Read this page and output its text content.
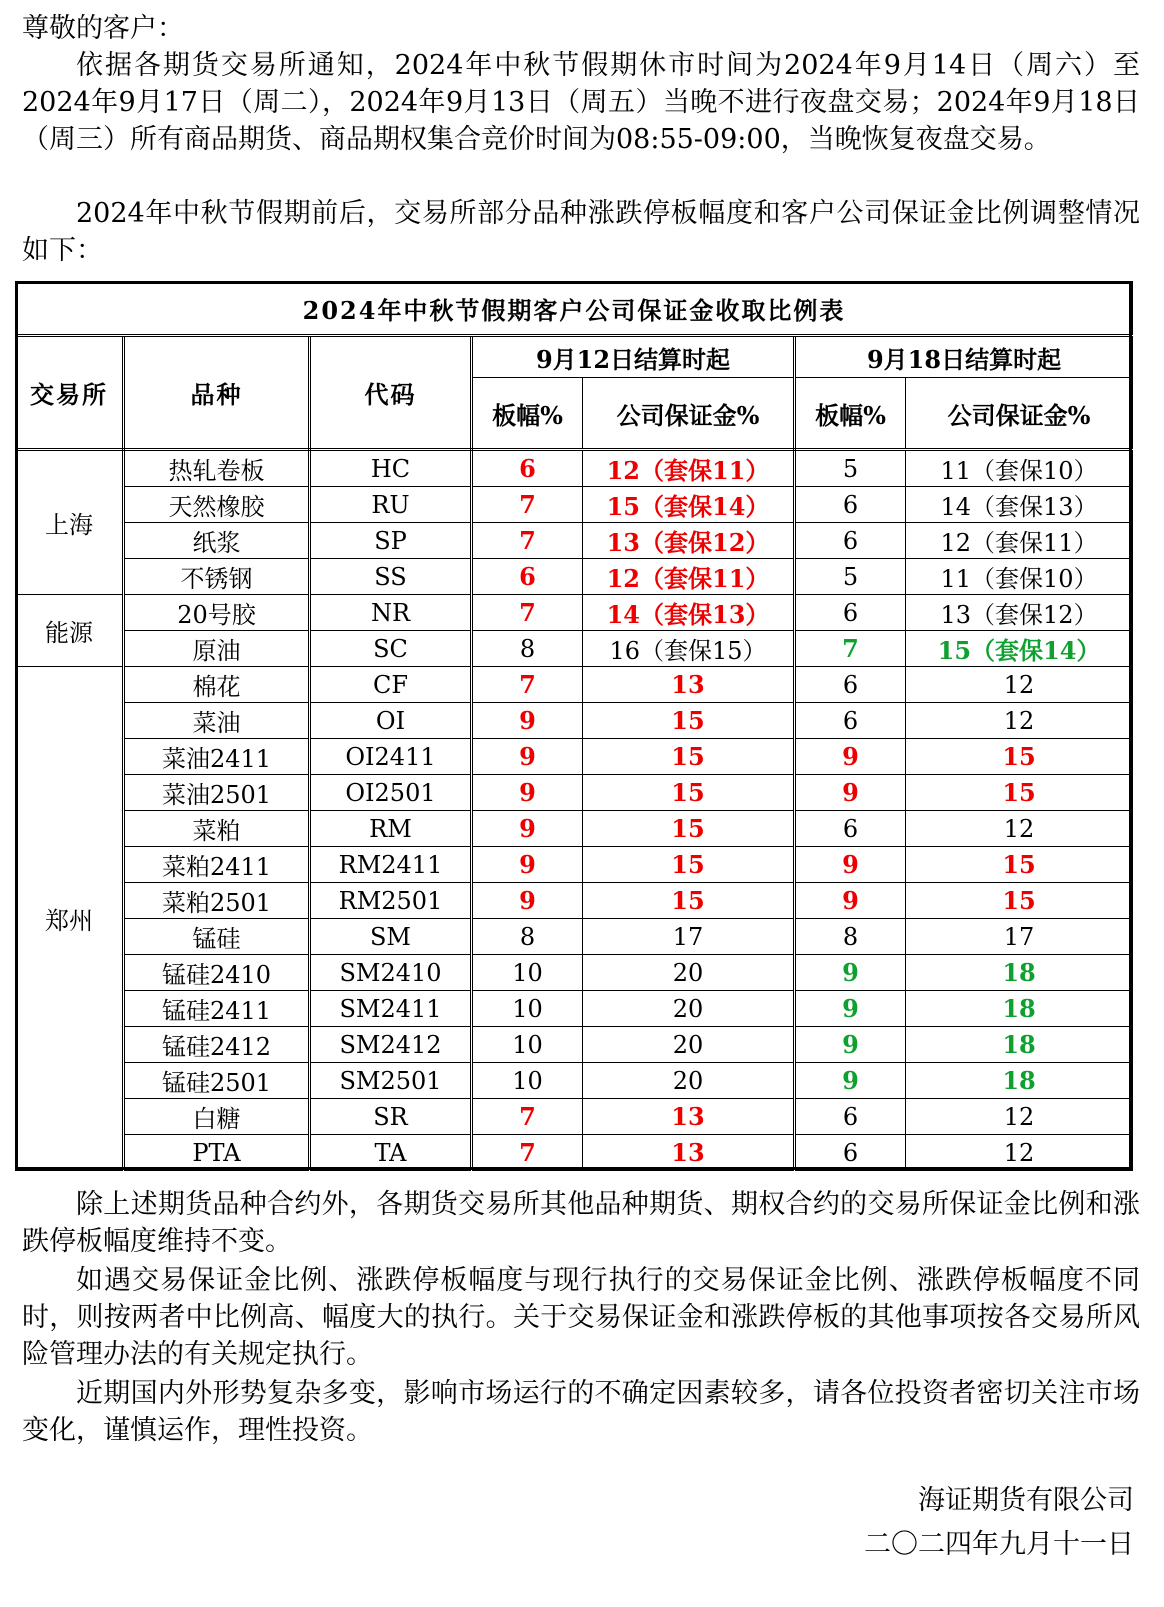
尊敬的客户：

依据各期货交易所通知，2024年中秋节假期休市时间为2024年9月14日（周六）至2024年9月17日（周二），2024年9月13日（周五）当晚不进行夜盘交易；2024年9月18日（周三）所有商品期货、商品期权集合竞价时间为08:55-09:00，当晚恢复夜盘交易。

2024年中秋节假期前后，交易所部分品种涨跌停板幅度和客户公司保证金比例调整情况如下：

2024年中秋节假期客户公司保证金收取比例表						
交易所	品种	代码	9月12日结算时起		9月18日结算时起	
			板幅%	公司保证金%	板幅%	公司保证金%
上海	热轧卷板	HC	6	12（套保11）	5	11（套保10）
	天然橡胶	RU	7	15（套保14）	6	14（套保13）
	纸浆	SP	7	13（套保12）	6	12（套保11）
	不锈钢	SS	6	12（套保11）	5	11（套保10）
能源	20号胶	NR	7	14（套保13）	6	13（套保12）
	原油	SC	8	16（套保15）	7	15（套保14）
郑州	棉花	CF	7	13	6	12
	菜油	OI	9	15	6	12
	菜油2411	OI2411	9	15	9	15
	菜油2501	OI2501	9	15	9	15
	菜粕	RM	9	15	6	12
	菜粕2411	RM2411	9	15	9	15
	菜粕2501	RM2501	9	15	9	15
	锰硅	SM	8	17	8	17
	锰硅2410	SM2410	10	20	9	18
	锰硅2411	SM2411	10	20	9	18
	锰硅2412	SM2412	10	20	9	18
	锰硅2501	SM2501	10	20	9	18
	白糖	SR	7	13	6	12
	PTA	TA	7	13	6	12

除上述期货品种合约外，各期货交易所其他品种期货、期权合约的交易所保证金比例和涨跌停板幅度维持不变。

如遇交易保证金比例、涨跌停板幅度与现行执行的交易保证金比例、涨跌停板幅度不同时，则按两者中比例高、幅度大的执行。关于交易保证金和涨跌停板的其他事项按各交易所风险管理办法的有关规定执行。

近期国内外形势复杂多变，影响市场运行的不确定因素较多，请各位投资者密切关注市场变化，谨慎运作，理性投资。

海证期货有限公司
二〇二四年九月十一日
